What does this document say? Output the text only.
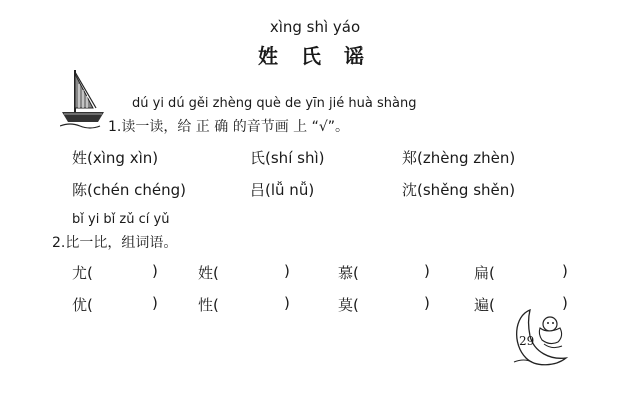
xìng shì yáo
姓 氏 谣
dú yi dú gěi zhèng què de yīn jié huà shàng
1.读一读，给 正 确 的音节画 上 “√”。
姓(xìng xìn)	氏(shí shì)	郑(zhèng zhèn)
陈(chén chéng)	吕(lǚ nǚ)	沈(shěng shěn)
bǐ yi bǐ zǔ cí yǔ
2.比一比，组词语。
尤(	)	姓(	)	慕(	)	扁(	)
优(	)	性(	)	莫(	)	遍(	)
29
